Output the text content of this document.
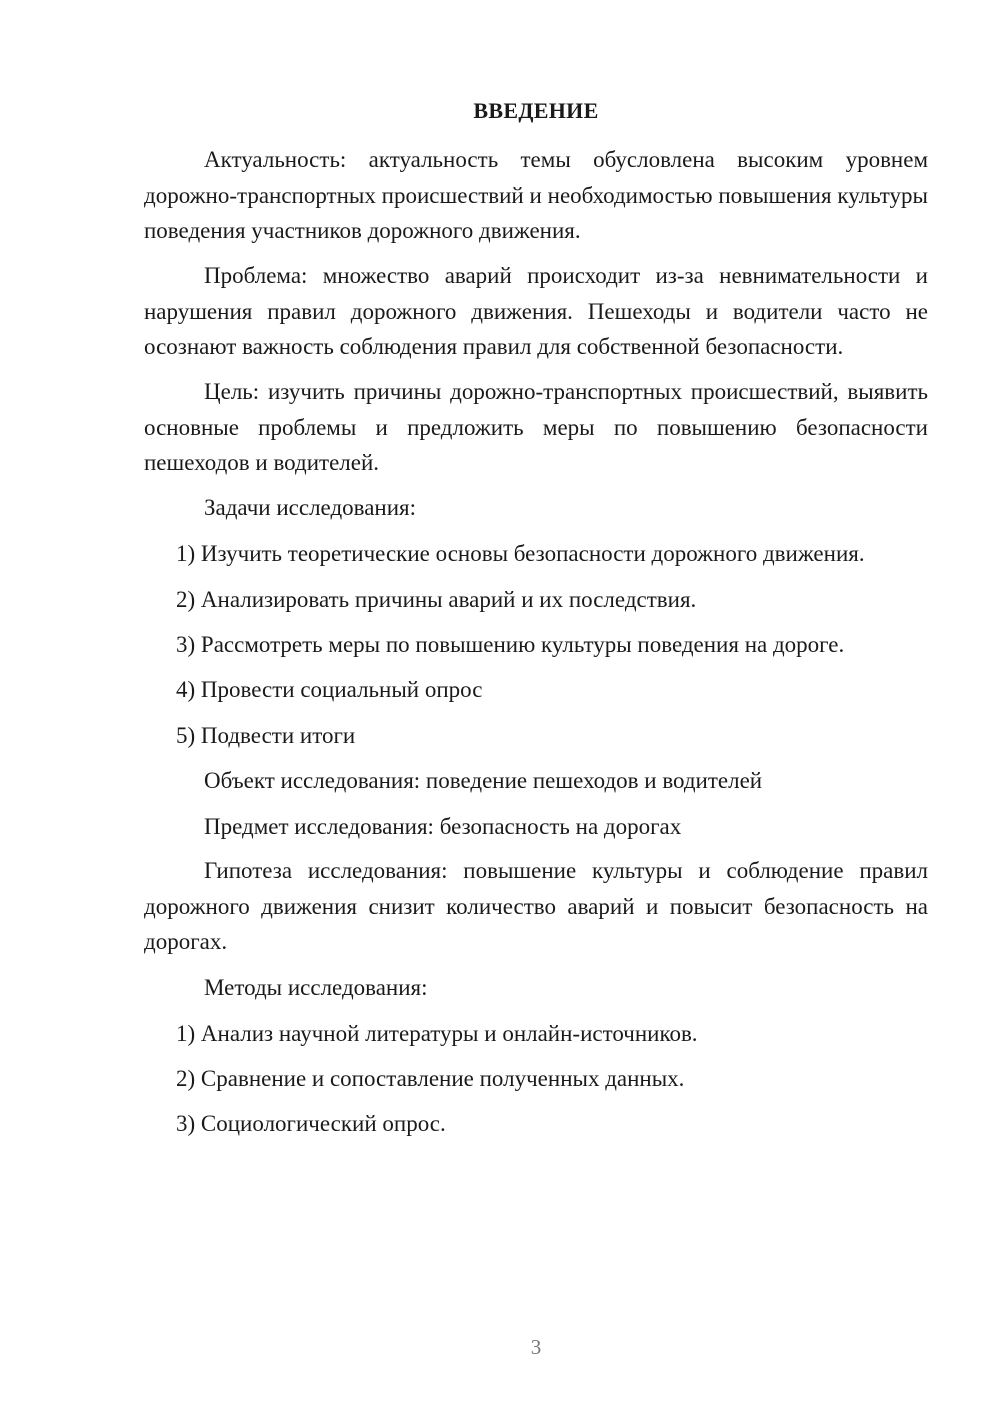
ВВЕДЕНИЕ
Актуальность: актуальность темы обусловлена высоким уровнем дорожно-транспортных происшествий и необходимостью повышения культуры поведения участников дорожного движения.
Проблема: множество аварий происходит из-за невнимательности и нарушения правил дорожного движения. Пешеходы и водители часто не осознают важность соблюдения правил для собственной безопасности.
Цель: изучить причины дорожно-транспортных происшествий, выявить основные проблемы и предложить меры по повышению безопасности пешеходов и водителей.
Задачи исследования:
1) Изучить теоретические основы безопасности дорожного движения.
2) Анализировать причины аварий и их последствия.
3) Рассмотреть меры по повышению культуры поведения на дороге.
4) Провести социальный опрос
5) Подвести итоги
Объект исследования: поведение пешеходов и водителей
Предмет исследования: безопасность на дорогах
Гипотеза исследования: повышение культуры и соблюдение правил дорожного движения снизит количество аварий и повысит безопасность на дорогах.
Методы исследования:
1) Анализ научной литературы и онлайн-источников.
2) Сравнение и сопоставление полученных данных.
3) Социологический опрос.
3
